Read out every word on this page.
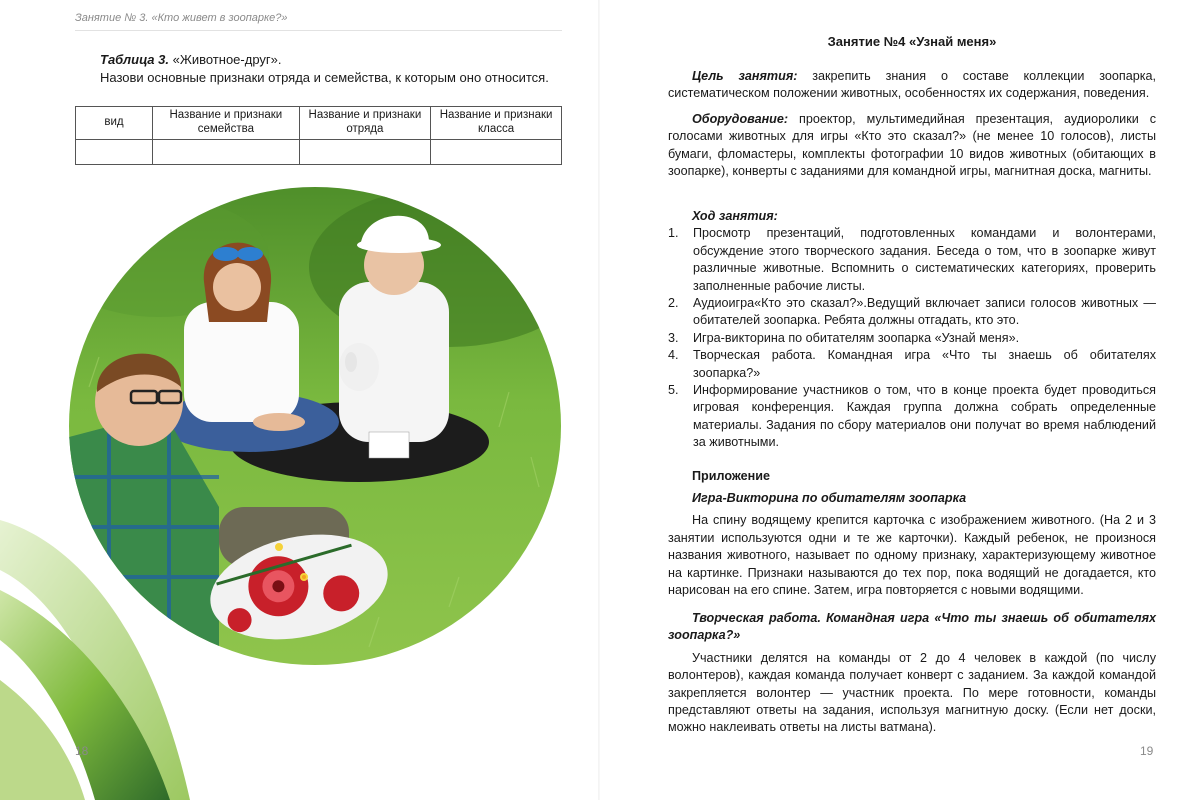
Занятие № 3. «Кто живет в зоопарке?»
Таблица 3. «Животное-друг».
Назови основные признаки отряда и семейства, к которым оно относится.
вид	Название и признаки семейства	Название и признаки отряда	Название и признаки класса

18
Занятие №4 «Узнай меня»

Цель занятия: закрепить знания о составе коллекции зоопарка, систематическом положении животных, особенностях их содержания, поведения.

Оборудование: проектор, мультимедийная презентация, аудиоролики с голосами животных для игры «Кто это сказал?» (не менее 10 голосов), листы бумаги, фломастеры, комплекты фотографии 10 видов животных (обитающих в зоопарке), конверты с заданиями для командной игры, магнитная доска, магниты.

Ход занятия:
1. Просмотр презентаций, подготовленных командами и волонтерами, обсуждение этого творческого задания. Беседа о том, что в зоопарке живут различные животные. Вспомнить о систематических категориях, проверить заполненные рабочие листы.
2. Аудиоигра«Кто это сказал?».Ведущий включает записи голосов животных — обитателей зоопарка. Ребята должны отгадать, кто это.
3. Игра-викторина по обитателям зоопарка «Узнай меня».
4. Творческая работа. Командная игра «Что ты знаешь об обитателях зоопарка?»
5. Информирование участников о том, что в конце проекта будет проводиться игровая конференция. Каждая группа должна собрать определенные материалы. Задания по сбору материалов они получат во время наблюдений за животными.
Приложение
Игра-Викторина по обитателям зоопарка

На спину водящему крепится карточка с изображением животного. (На 2 и 3 занятии используются одни и те же карточки). Каждый ребенок, не произнося названия животного, называет по одному признаку, характеризующему животное на картинке. Признаки называются до тех пор, пока водящий не догадается, кто нарисован на его спине. Затем, игра повторяется с новыми водящими.

Творческая работа. Командная игра «Что ты знаешь об обитателях зоопарка?»

Участники делятся на команды от 2 до 4 человек в каждой (по числу волонтеров), каждая команда получает конверт с заданием. За каждой командой закрепляется волонтер — участник проекта. По мере готовности, команды представляют ответы на задания, используя магнитную доску. (Если нет доски, можно наклеивать ответы на листы ватмана).

19
